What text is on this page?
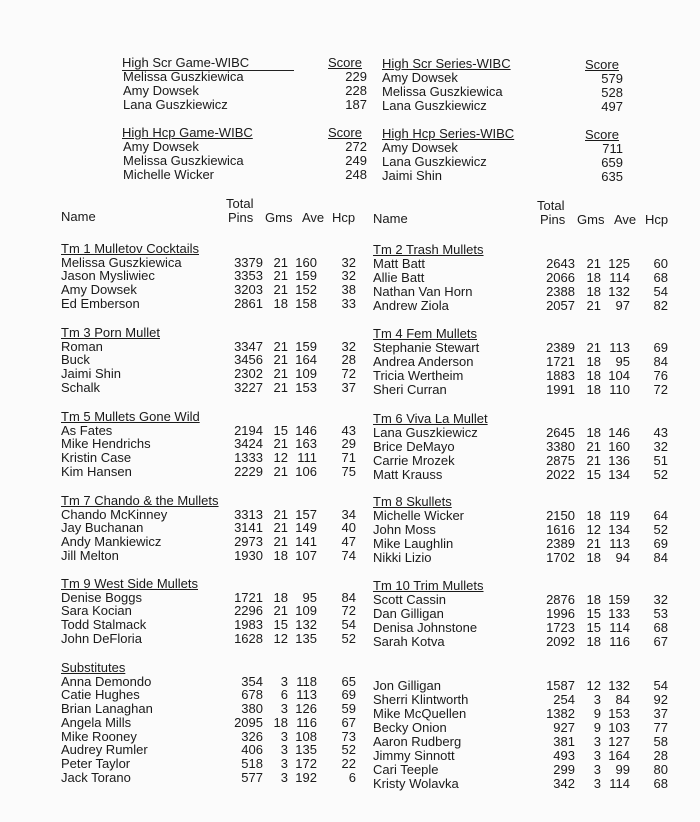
High Scr Game-WIBC	Score
Melissa Guszkiewica	229
Amy Dowsek	228
Lana Guszkiewicz	187
High Scr Series-WIBC	Score
Amy Dowsek	579
Melissa Guszkiewica	528
Lana Guszkiewicz	497
High Hcp Game-WIBC	Score
Amy Dowsek	272
Melissa Guszkiewica	249
Michelle Wicker	248
High Hcp Series-WIBC	Score
Amy Dowsek	711
Lana Guszkiewicz	659
Jaimi Shin	635
Total
Name	Pins Gms Ave Hcp
Total
Name	Pins Gms Ave Hcp
Tm 1 Mulletov Cocktails
Melissa Guszkiewica	3379 21 160	32
Jason Mysliwiec	3353 21 159	32
Amy Dowsek	3203 21 152	38
Ed Emberson	2861 18 158	33
Tm 3 Porn Mullet
Roman	3347 21 159	32
Buck	3456 21 164	28
Jaimi Shin	2302 21 109	72
Schalk	3227 21 153	37
Tm 5 Mullets Gone Wild
As Fates	2194 15 146	43
Mike Hendrichs	3424 21 163	29
Kristin Case	1333 12 111	71
Kim Hansen	2229 21 106	75
Tm 7 Chando & the Mullets
Chando McKinney	3313 21 157	34
Jay Buchanan	3141 21 149	40
Andy Mankiewicz	2973 21 141	47
Jill Melton	1930 18 107	74
Tm 9 West Side Mullets
Denise Boggs	1721 18	95	84
Sara Kocian	2296 21 109	72
Todd Stalmack	1983 15 132	54
John DeFloria	1628 12 135	52
Substitutes
Anna Demondo	354	3 118	65
Catie Hughes	678	6 113	69
Brian Lanaghan	380	3 126	59
Angela Mills	2095 18 116	67
Mike Rooney	326	3 108	73
Audrey Rumler	406	3 135	52
Peter Taylor	518	3 172	22
Jack Torano	577	3 192	6
Tm 2 Trash Mullets
Matt Batt	2643 21 125	60
Allie Batt	2066 18 114	68
Nathan Van Horn	2388 18 132	54
Andrew Ziola	2057 21	97	82
Tm 4 Fem Mullets
Stephanie Stewart	2389 21 113	69
Andrea Anderson	1721 18	95	84
Tricia Wertheim	1883 18 104	76
Sheri Curran	1991 18 110	72
Tm 6 Viva La Mullet
Lana Guszkiewicz	2645 18 146	43
Brice DeMayo	3380 21 160	32
Carrie Mrozek	2875 21 136	51
Matt Krauss	2022 15 134	52
Tm 8 Skullets
Michelle Wicker	2150 18 119	64
John Moss	1616 12 134	52
Mike Laughlin	2389 21 113	69
Nikki Lizio	1702 18	94	84
Tm 10 Trim Mullets
Scott Cassin	2876 18 159	32
Dan Gilligan	1996 15 133	53
Denisa Johnstone	1723 15 114	68
Sarah Kotva	2092 18 116	67
Jon Gilligan	1587 12 132	54
Sherri Klintworth	254	3	84	92
Mike McQuellen	1382	9 153	37
Becky Onion	927	9 103	77
Aaron Rudberg	381	3 127	58
Jimmy Sinnott	493	3 164	28
Cari Teeple	299	3	99	80
Kristy Wolavka	342	3 114	68
